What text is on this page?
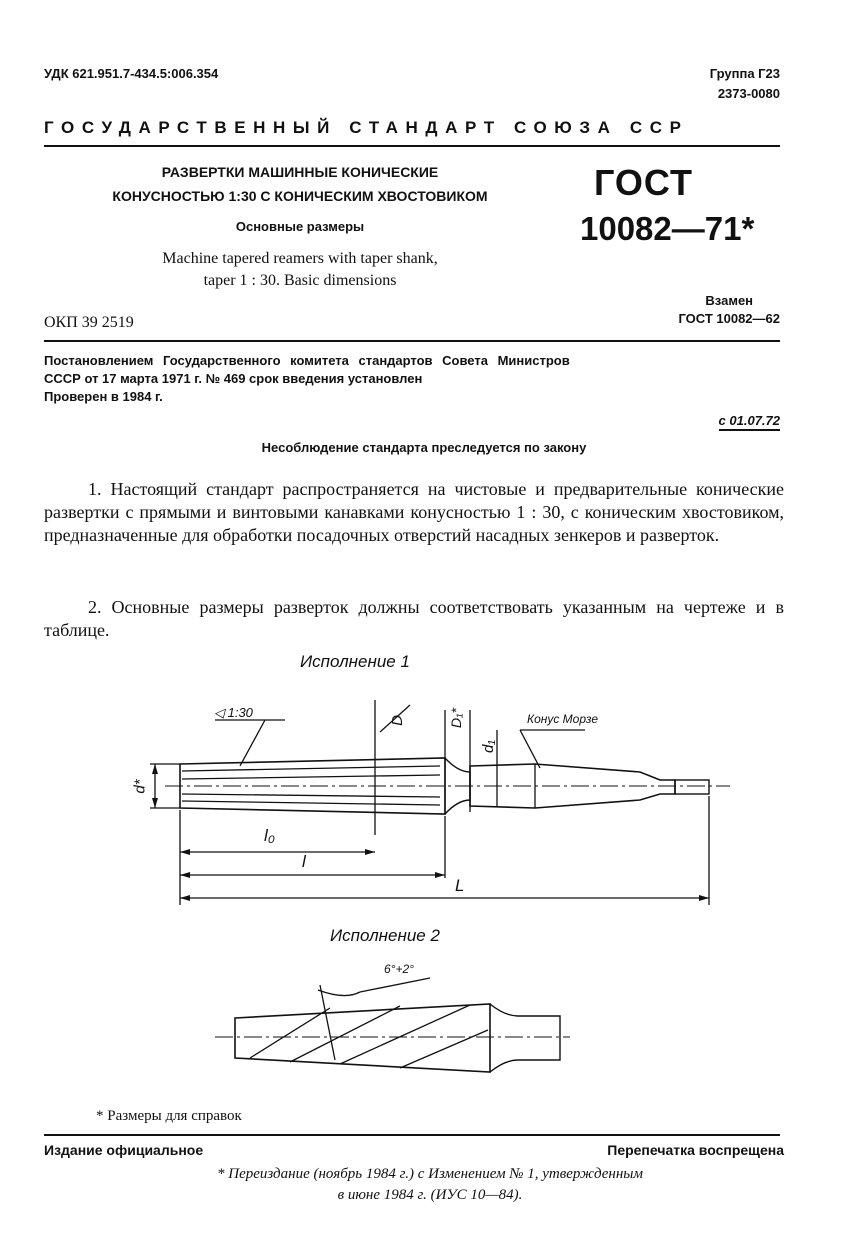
УДК 621.951.7-434.5:006.354	Группа Г23
2373-0080
ГОСУДАРСТВЕННЫЙ СТАНДАРТ СОЮЗА ССР
РАЗВЕРТКИ МАШИННЫЕ КОНИЧЕСКИЕ
КОНУСНОСТЬЮ 1:30 С КОНИЧЕСКИМ ХВОСТОВИКОМ
Основные размеры
Machine tapered reamers with taper shank,
taper 1 : 30. Basic dimensions
ГОСТ
10082—71*
ОКП 39 2519
Взамен
ГОСТ 10082—62
Постановлением Государственного комитета стандартов Совета Министров
СССР от 17 марта 1971 г. № 469 срок введения установлен
Проверен в 1984 г.
с 01.07.72
Несоблюдение стандарта преследуется по закону
1. Настоящий стандарт распространяется на чистовые и предварительные конические развертки с прямыми и винтовыми канавками конусностью 1 : 30, с коническим хвостовиком, предназначенные для обработки посадочных отверстий насадных зенкеров и разверток.
2. Основные размеры разверток должны соответствовать указанным на чертеже и в таблице.
Исполнение 1
◁ 1:30	Конус Морзе
D	D₁*
d₁
d*
l₀
l
L
Исполнение 2
6°+2°
* Размеры для справок
Издание официальное	Перепечатка воспрещена
* Переиздание (ноябрь 1984 г.) с Изменением № 1, утвержденным
в июне 1984 г. (ИУС 10—84).
